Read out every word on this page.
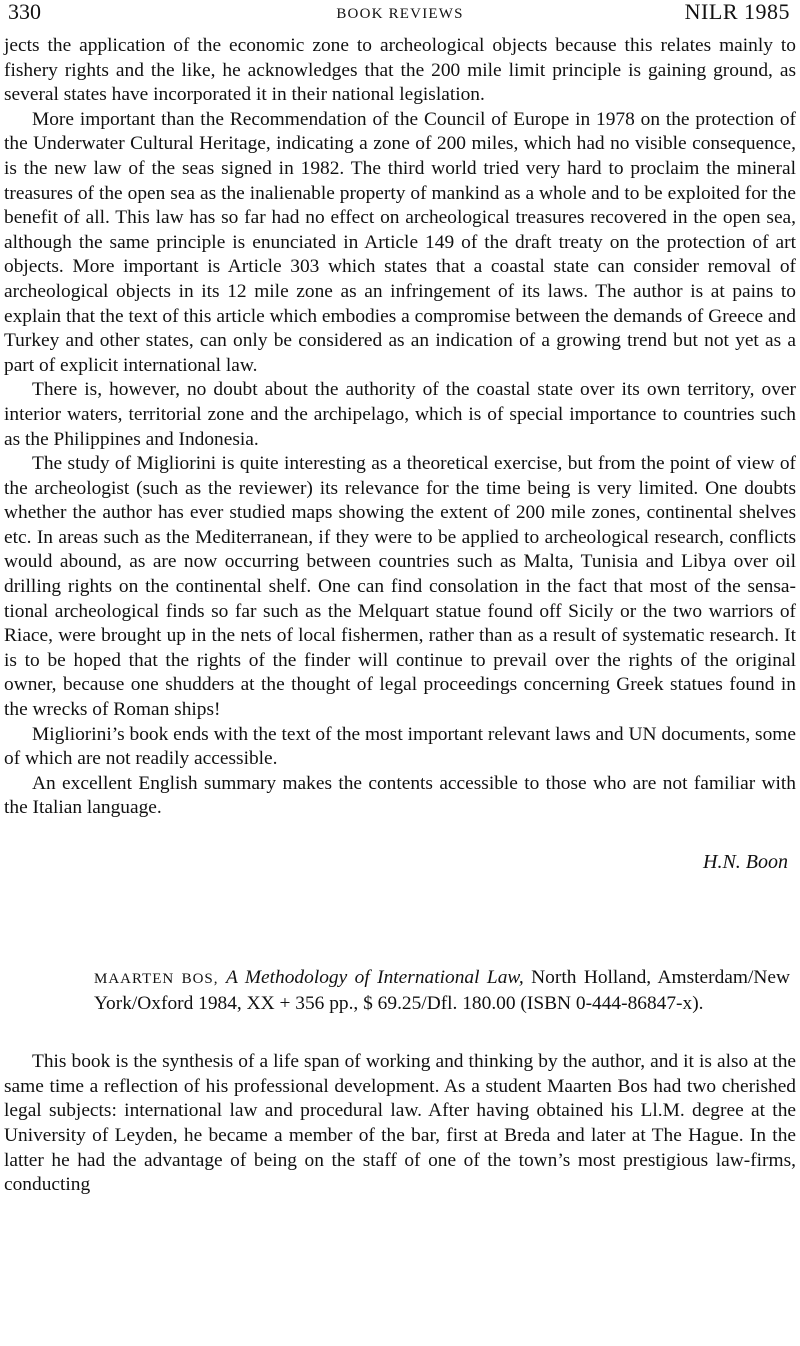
330	BOOK REVIEWS	NILR 1985

jects the application of the economic zone to archeological objects because this relates mainly to fishery rights and the like, he acknowledges that the 200 mile limit principle is gaining ground, as several states have incorporated it in their national legislation.

More important than the Recommendation of the Council of Europe in 1978 on the protection of the Underwater Cultural Heritage, indicating a zone of 200 miles, which had no visible consequence, is the new law of the seas signed in 1982. The third world tried very hard to proclaim the mineral treasures of the open sea as the inalienable property of mankind as a whole and to be exploited for the benefit of all. This law has so far had no effect on archeological treasures recovered in the open sea, although the same principle is enunciated in Article 149 of the draft treaty on the protection of art objects. More important is Article 303 which states that a coastal state can consider removal of archeological objects in its 12 mile zone as an infringement of its laws. The author is at pains to explain that the text of this article which embodies a compromise between the demands of Greece and Turkey and other states, can only be considered as an indication of a growing trend but not yet as a part of explicit international law.

There is, however, no doubt about the authority of the coastal state over its own territory, over interior waters, territorial zone and the archipelago, which is of special importance to countries such as the Philippines and Indonesia.

The study of Migliorini is quite interesting as a theoretical exercise, but from the point of view of the archeologist (such as the reviewer) its relevance for the time being is very limited. One doubts whether the author has ever studied maps showing the extent of 200 mile zones, continental shelves etc. In areas such as the Mediterranean, if they were to be applied to archeological research, conflicts would abound, as are now occurring between countries such as Malta, Tunisia and Libya over oil drilling rights on the continental shelf. One can find consolation in the fact that most of the sensational archeological finds so far such as the Melquart statue found off Sicily or the two warriors of Riace, were brought up in the nets of local fishermen, rather than as a result of systematic research. It is to be hoped that the rights of the finder will continue to prevail over the rights of the original owner, because one shudders at the thought of legal proceedings concerning Greek statues found in the wrecks of Roman ships!

Migliorini’s book ends with the text of the most important relevant laws and UN documents, some of which are not readily accessible.

An excellent English summary makes the contents accessible to those who are not familiar with the Italian language.

H.N. Boon
MAARTEN BOS, A Methodology of International Law, North Holland, Amsterdam/New York/Oxford 1984, XX + 356 pp., $ 69.25/Dfl. 180.00 (ISBN 0-444-86847-x).

This book is the synthesis of a life span of working and thinking by the author, and it is also at the same time a reflection of his professional development. As a student Maarten Bos had two cherished legal subjects: international law and procedural law. After having obtained his Ll.M. degree at the University of Leyden, he became a member of the bar, first at Breda and later at The Hague. In the latter he had the advantage of being on the staff of one of the town’s most prestigious law-firms, conducting
